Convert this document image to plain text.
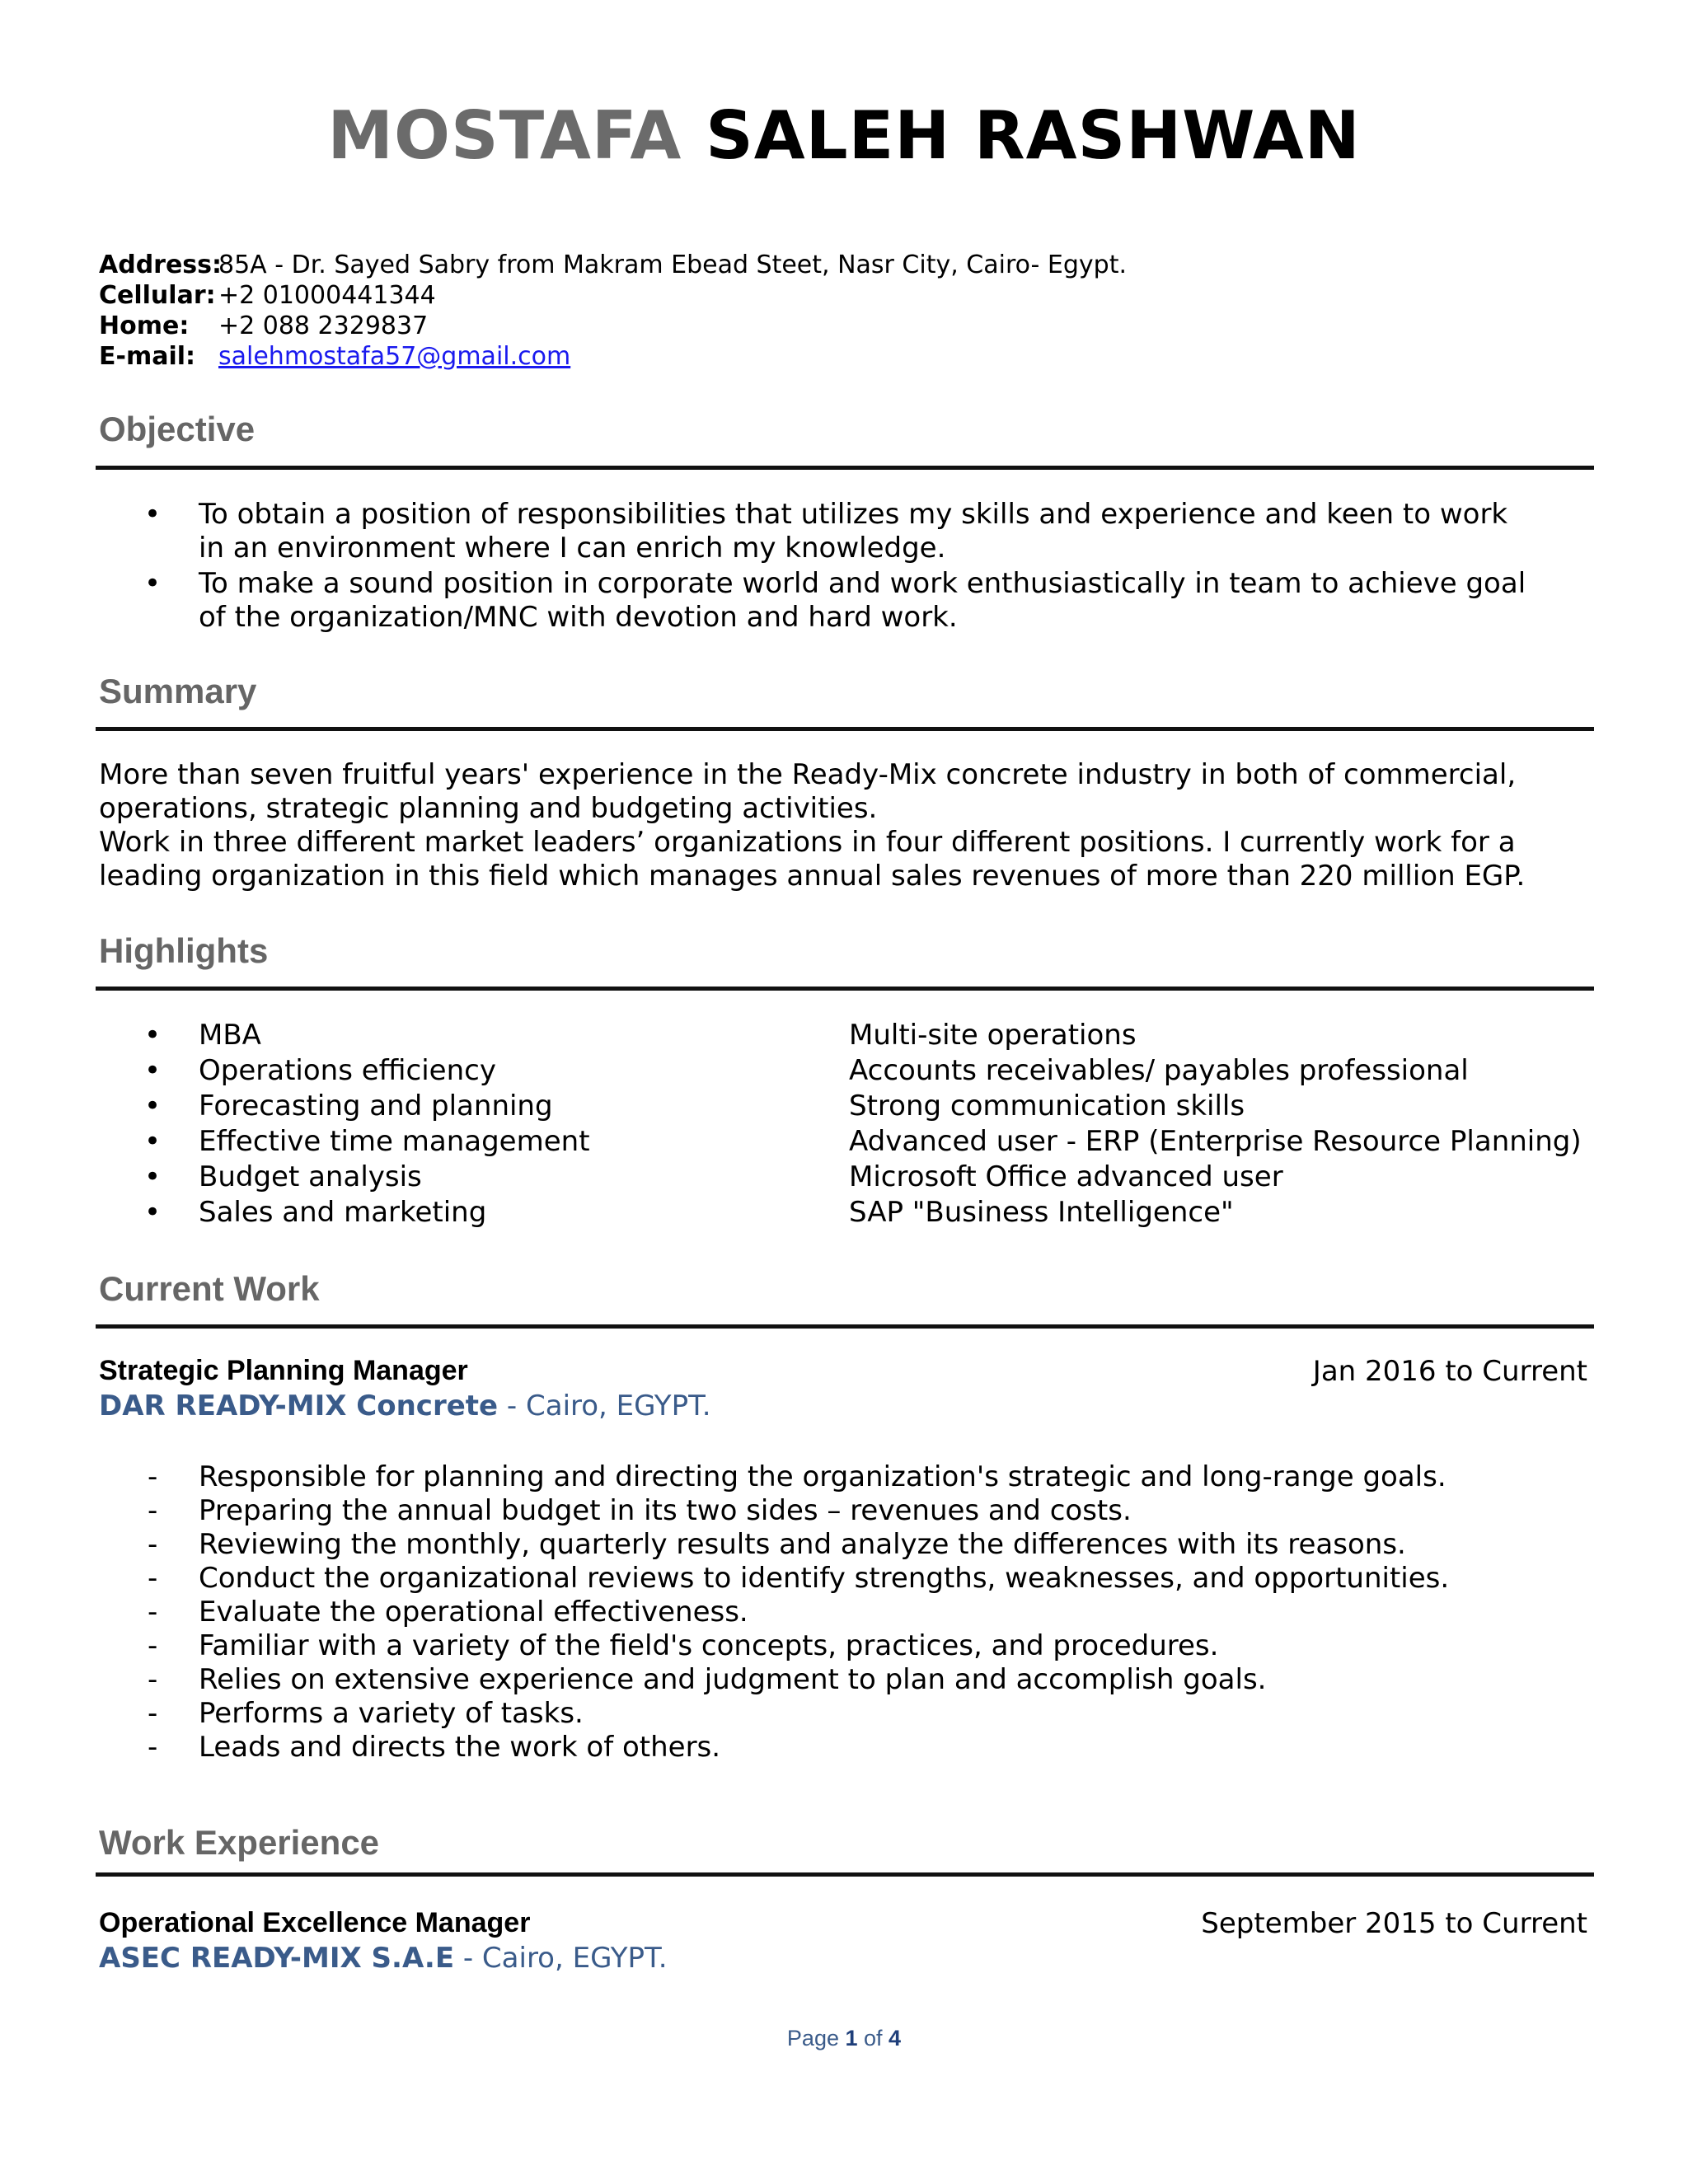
MOSTAFA SALEH RASHWAN
Address:
85A - Dr. Sayed Sabry from Makram Ebead Steet, Nasr City, Cairo- Egypt.
Cellular: +2 01000441344
Home:	+2 088 2329837
E-mail: salehmostafa57@gmail.com
Objective
• To obtain a position of responsibilities that utilizes my skills and experience and keen to work in an environment where I can enrich my knowledge.
• To make a sound position in corporate world and work enthusiastically in team to achieve goal of the organization/MNC with devotion and hard work.
Summary
More than seven fruitful years' experience in the Ready-Mix concrete industry in both of commercial, operations, strategic planning and budgeting activities.
Work in three different market leaders’ organizations in four different positions. I currently work for a leading organization in this field which manages annual sales revenues of more than 220 million EGP.
Highlights
• MBA
• Operations efficiency
• Forecasting and planning
• Effective time management
• Budget analysis
• Sales and marketing
Multi-site operations
Accounts receivables/ payables professional
Strong communication skills
Advanced user - ERP (Enterprise Resource Planning)
Microsoft Office advanced user
SAP "Business Intelligence"
Current Work
Strategic Planning Manager	Jan 2016 to Current
DAR READY-MIX Concrete - Cairo, EGYPT.
- Responsible for planning and directing the organization's strategic and long-range goals.
- Preparing the annual budget in its two sides – revenues and costs.
- Reviewing the monthly, quarterly results and analyze the differences with its reasons.
- Conduct the organizational reviews to identify strengths, weaknesses, and opportunities.
- Evaluate the operational effectiveness.
- Familiar with a variety of the field's concepts, practices, and procedures.
- Relies on extensive experience and judgment to plan and accomplish goals.
- Performs a variety of tasks.
- Leads and directs the work of others.
Work Experience
Operational Excellence Manager	September 2015 to Current
ASEC READY-MIX S.A.E - Cairo, EGYPT.
Page 1 of 4
